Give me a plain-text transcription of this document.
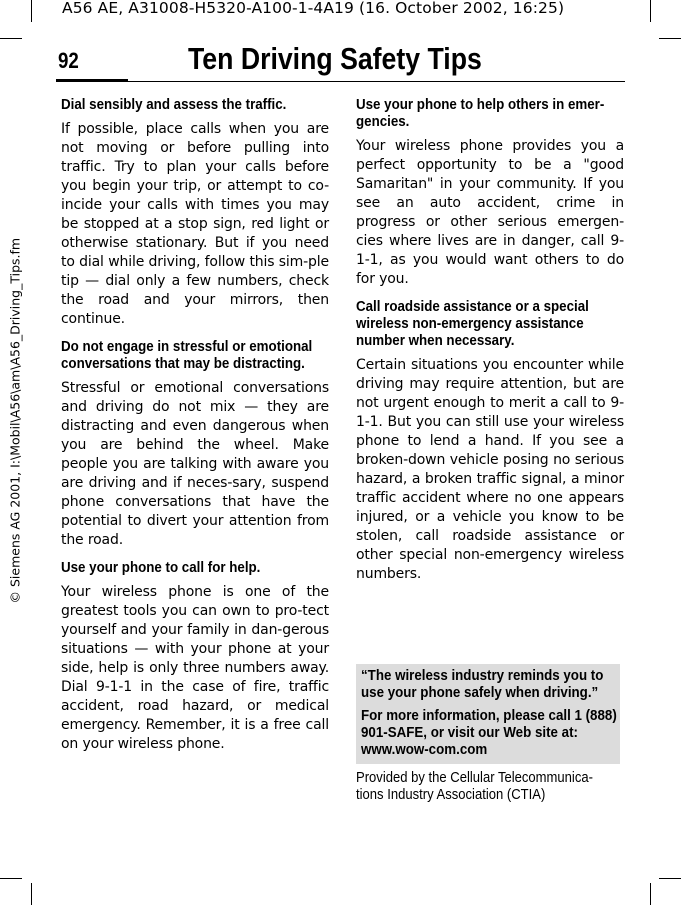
A56 AE, A31008-H5320-A100-1-4A19 (16. October 2002, 16:25)
© Siemens AG 2001, I:\Mobil\A56\am\A56_Driving_Tips.fm
92	Ten Driving Safety Tips
Dial sensibly and assess the traffic.
If possible, place calls when you are not moving or before pulling into traffic. Try to plan your calls before you begin your trip, or attempt to co-incide your calls with times you may be stopped at a stop sign, red light or otherwise stationary. But if you need to dial while driving, follow this sim-ple tip — dial only a few numbers, check the road and your mirrors, then continue.
Do not engage in stressful or emotional conversations that may be distracting.
Stressful or emotional conversations and driving do not mix — they are distracting and even dangerous when you are behind the wheel. Make people you are talking with aware you are driving and if neces-sary, suspend phone conversations that have the potential to divert your attention from the road.
Use your phone to call for help.
Your wireless phone is one of the greatest tools you can own to pro-tect yourself and your family in dan-gerous situations — with your phone at your side, help is only three numbers away. Dial 9-1-1 in the case of fire, traffic accident, road hazard, or medical emergency. Remember, it is a free call on your wireless phone.
Use your phone to help others in emer-gencies.
Your wireless phone provides you a perfect opportunity to be a "good Samaritan" in your community. If you see an auto accident, crime in progress or other serious emergen-cies where lives are in danger, call 9-1-1, as you would want others to do for you.
Call roadside assistance or a special wireless non-emergency assistance number when necessary.
Certain situations you encounter while driving may require attention, but are not urgent enough to merit a call to 9-1-1. But you can still use your wireless phone to lend a hand. If you see a broken-down vehicle posing no serious hazard, a broken traffic signal, a minor traffic accident where no one appears injured, or a vehicle you know to be stolen, call roadside assistance or other special non-emergency wireless numbers.
“The wireless industry reminds you to use your phone safely when driving.”
For more information, please call 1 (888) 901-SAFE, or visit our Web site at: www.wow-com.com
Provided by the Cellular Telecommunica-tions Industry Association (CTIA)
